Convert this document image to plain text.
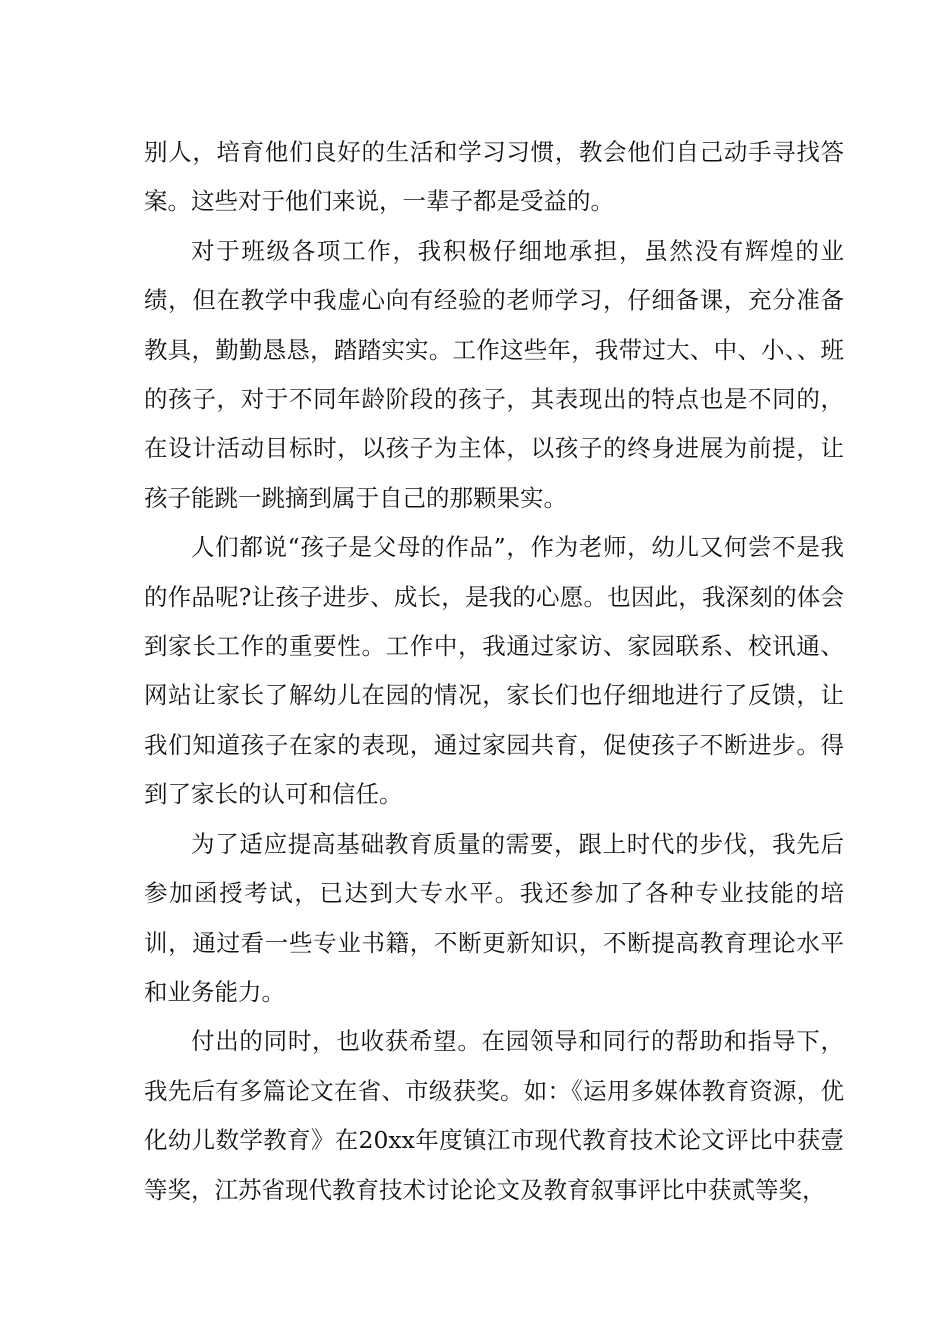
别人，培育他们良好的生活和学习习惯，教会他们自己动手寻找答案。这些对于他们来说，一辈子都是受益的。

对于班级各项工作，我积极仔细地承担，虽然没有辉煌的业绩，但在教学中我虚心向有经验的老师学习，仔细备课，充分准备教具，勤勤恳恳，踏踏实实。工作这些年，我带过大、中、小、、班的孩子，对于不同年龄阶段的孩子，其表现出的特点也是不同的，在设计活动目标时，以孩子为主体，以孩子的终身进展为前提，让孩子能跳一跳摘到属于自己的那颗果实。

人们都说“孩子是父母的作品”，作为老师，幼儿又何尝不是我的作品呢?让孩子进步、成长，是我的心愿。也因此，我深刻的体会到家长工作的重要性。工作中，我通过家访、家园联系、校讯通、网站让家长了解幼儿在园的情况，家长们也仔细地进行了反馈，让我们知道孩子在家的表现，通过家园共育，促使孩子不断进步。得到了家长的认可和信任。

为了适应提高基础教育质量的需要，跟上时代的步伐，我先后参加函授考试，已达到大专水平。我还参加了各种专业技能的培训，通过看一些专业书籍，不断更新知识，不断提高教育理论水平和业务能力。

付出的同时，也收获希望。在园领导和同行的帮助和指导下，我先后有多篇论文在省、市级获奖。如：《运用多媒体教育资源，优化幼儿数学教育》在20xx年度镇江市现代教育技术论文评比中获壹等奖，江苏省现代教育技术讨论论文及教育叙事评比中获贰等奖，
